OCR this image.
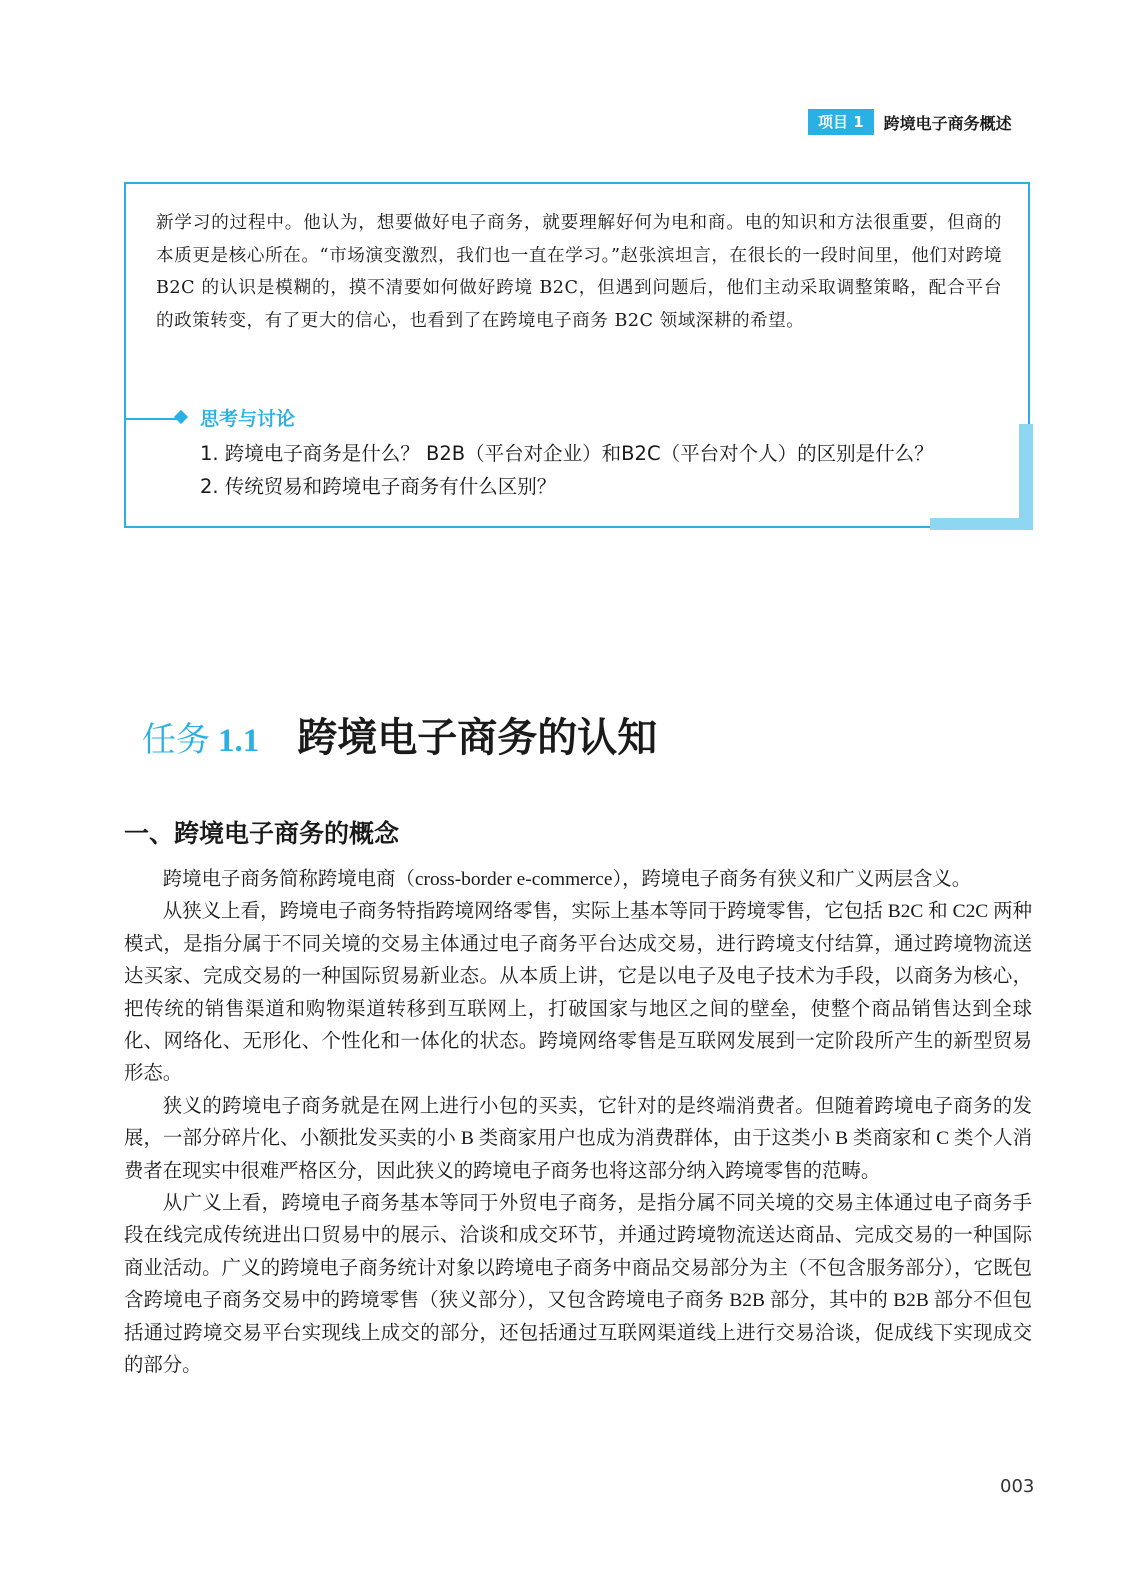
项目 1	跨境电子商务概述
新学习的过程中。他认为，想要做好电子商务，就要理解好何为电和商。电的知识和方法很重要，但商的本质更是核心所在。“市场演变激烈，我们也一直在学习。”赵张滨坦言，在很长的一段时间里，他们对跨境 B2C 的认识是模糊的，摸不清要如何做好跨境 B2C，但遇到问题后，他们主动采取调整策略，配合平台的政策转变，有了更大的信心，也看到了在跨境电子商务 B2C 领域深耕的希望。
思考与讨论
1. 跨境电子商务是什么？ B2B（平台对企业）和B2C（平台对个人）的区别是什么？
2. 传统贸易和跨境电子商务有什么区别？
任务 1.1 跨境电子商务的认知
一、跨境电子商务的概念

跨境电子商务简称跨境电商（cross-border e-commerce），跨境电子商务有狭义和广义两层含义。

从狭义上看，跨境电子商务特指跨境网络零售，实际上基本等同于跨境零售，它包括 B2C 和 C2C 两种模式，是指分属于不同关境的交易主体通过电子商务平台达成交易，进行跨境支付结算，通过跨境物流送达买家、完成交易的一种国际贸易新业态。从本质上讲，它是以电子及电子技术为手段，以商务为核心，把传统的销售渠道和购物渠道转移到互联网上，打破国家与地区之间的壁垒，使整个商品销售达到全球化、网络化、无形化、个性化和一体化的状态。跨境网络零售是互联网发展到一定阶段所产生的新型贸易形态。

狭义的跨境电子商务就是在网上进行小包的买卖，它针对的是终端消费者。但随着跨境电子商务的发展，一部分碎片化、小额批发买卖的小 B 类商家用户也成为消费群体，由于这类小 B 类商家和 C 类个人消费者在现实中很难严格区分，因此狭义的跨境电子商务也将这部分纳入跨境零售的范畴。

从广义上看，跨境电子商务基本等同于外贸电子商务，是指分属不同关境的交易主体通过电子商务手段在线完成传统进出口贸易中的展示、洽谈和成交环节，并通过跨境物流送达商品、完成交易的一种国际商业活动。广义的跨境电子商务统计对象以跨境电子商务中商品交易部分为主（不包含服务部分），它既包含跨境电子商务交易中的跨境零售（狭义部分），又包含跨境电子商务 B2B 部分，其中的 B2B 部分不但包括通过跨境交易平台实现线上成交的部分，还包括通过互联网渠道线上进行交易洽谈，促成线下实现成交的部分。

003
